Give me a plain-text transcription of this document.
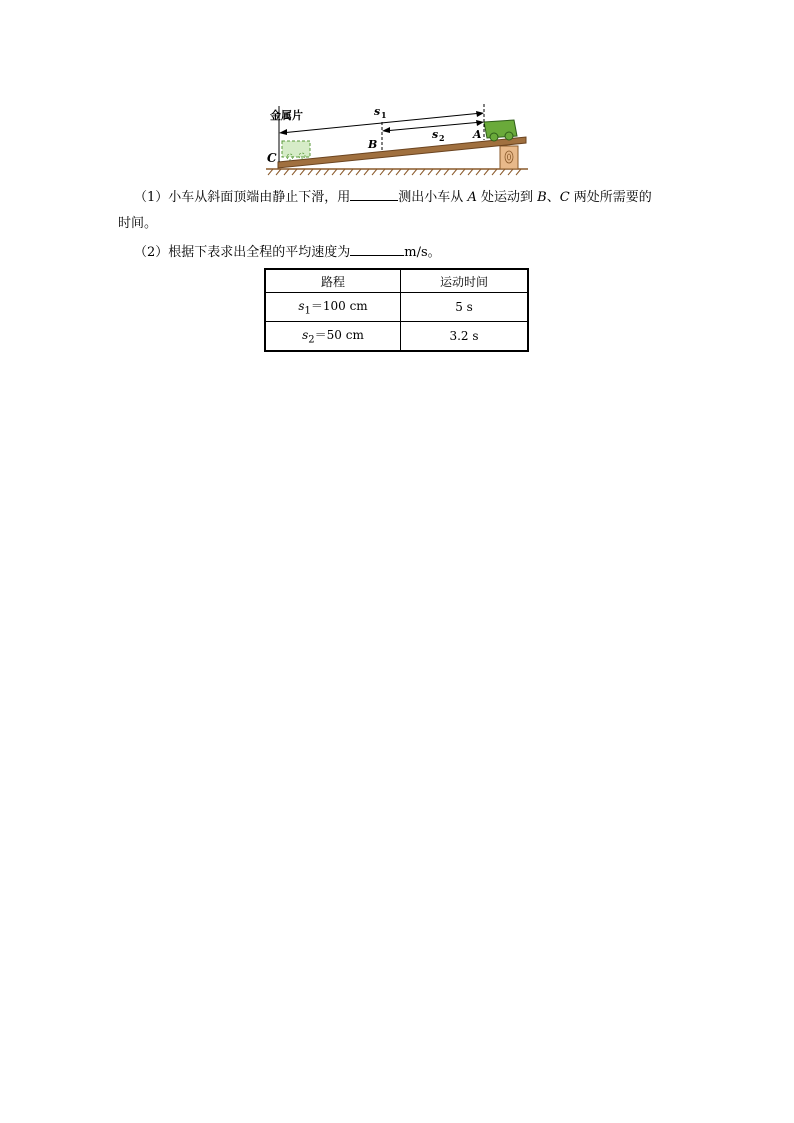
金属片	s 1
s 2	A
B
C
（1）小车从斜面顶端由静止下滑，用	测出小车从 A 处运动到 B、C 两处所需要的
时间。
（2）根据下表求出全程的平均速度为	m/s。
路程	运动时间
$s_1=100$ cm	5 s
$s_2=50$ cm	3.2 s
